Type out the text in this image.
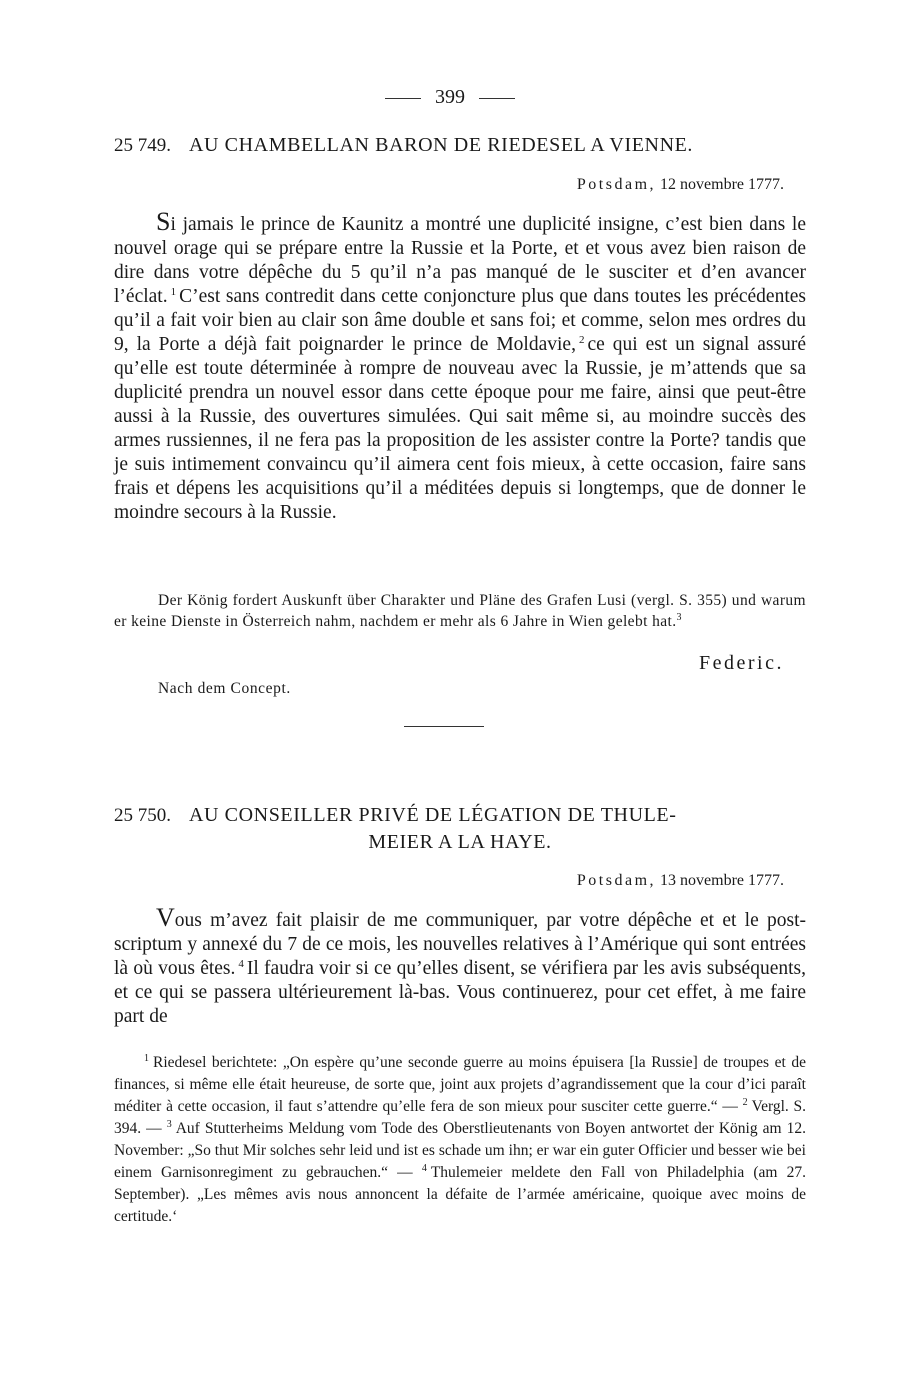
399
25 749. AU CHAMBELLAN BARON DE RIEDESEL A VIENNE.
Potsdam, 12 novembre 1777.

Si jamais le prince de Kaunitz a montré une duplicité insigne, c’est bien dans le nouvel orage qui se prépare entre la Russie et la Porte, et et vous avez bien raison de dire dans votre dépêche du 5 qu’il n’a pas manqué de le susciter et d’en avancer l’éclat. $^1$ C’est sans contredit dans cette conjoncture plus que dans toutes les précédentes qu’il a fait voir bien au clair son âme double et sans foi; et comme, selon mes ordres du 9, la Porte a déjà fait poignarder le prince de Moldavie, $^2$ ce qui est un signal assuré qu’elle est toute déterminée à rompre de nouveau avec la Russie, je m’attends que sa duplicité prendra un nouvel essor dans cette époque pour me faire, ainsi que peut-être aussi à la Russie, des ouvertures simulées. Qui sait même si, au moindre succès des armes russiennes, il ne fera pas la proposition de les assister contre la Porte? tandis que je suis intimement convaincu qu’il aimera cent fois mieux, à cette occasion, faire sans frais et dépens les acquisitions qu’il a méditées depuis si longtemps, que de donner le moindre secours à la Russie.

Der König fordert Auskunft über Charakter und Pläne des Grafen Lusi (vergl. S. 355) und warum er keine Dienste in Österreich nahm, nachdem er mehr als 6 Jahre in Wien gelebt hat.$^3$

Federic.
Nach dem Concept.
25 750. AU CONSEILLER PRIVÉ DE LÉGATION DE THULE-
MEIER A LA HAYE.
Potsdam, 13 novembre 1777.

Vous m’avez fait plaisir de me communiquer, par votre dépêche et et le post-scriptum y annexé du 7 de ce mois, les nouvelles relatives à l’Amérique qui sont entrées là où vous êtes. $^4$ Il faudra voir si ce qu’elles disent, se vérifiera par les avis subséquents, et ce qui se passera ultérieurement là-bas. Vous continuerez, pour cet effet, à me faire part de

$^1$ Riedesel berichtete: „On espère qu’une seconde guerre au moins épuisera [la Russie] de troupes et de finances, si même elle était heureuse, de sorte que, joint aux projets d’agrandissement que la cour d’ici paraît méditer à cette occasion, il faut s’attendre qu’elle fera de son mieux pour susciter cette guerre.“ — $^2$ Vergl. S. 394. — $^3$ Auf Stutterheims Meldung vom Tode des Oberstlieutenants von Boyen antwortet der König am 12. November: „So thut Mir solches sehr leid und ist es schade um ihn; er war ein guter Officier und besser wie bei einem Garnisonregiment zu gebrauchen.“ — $^4$ Thulemeier meldete den Fall von Philadelphia (am 27. September). „Les mêmes avis nous annoncent la défaite de l’armée américaine, quoique avec moins de certitude.‘
